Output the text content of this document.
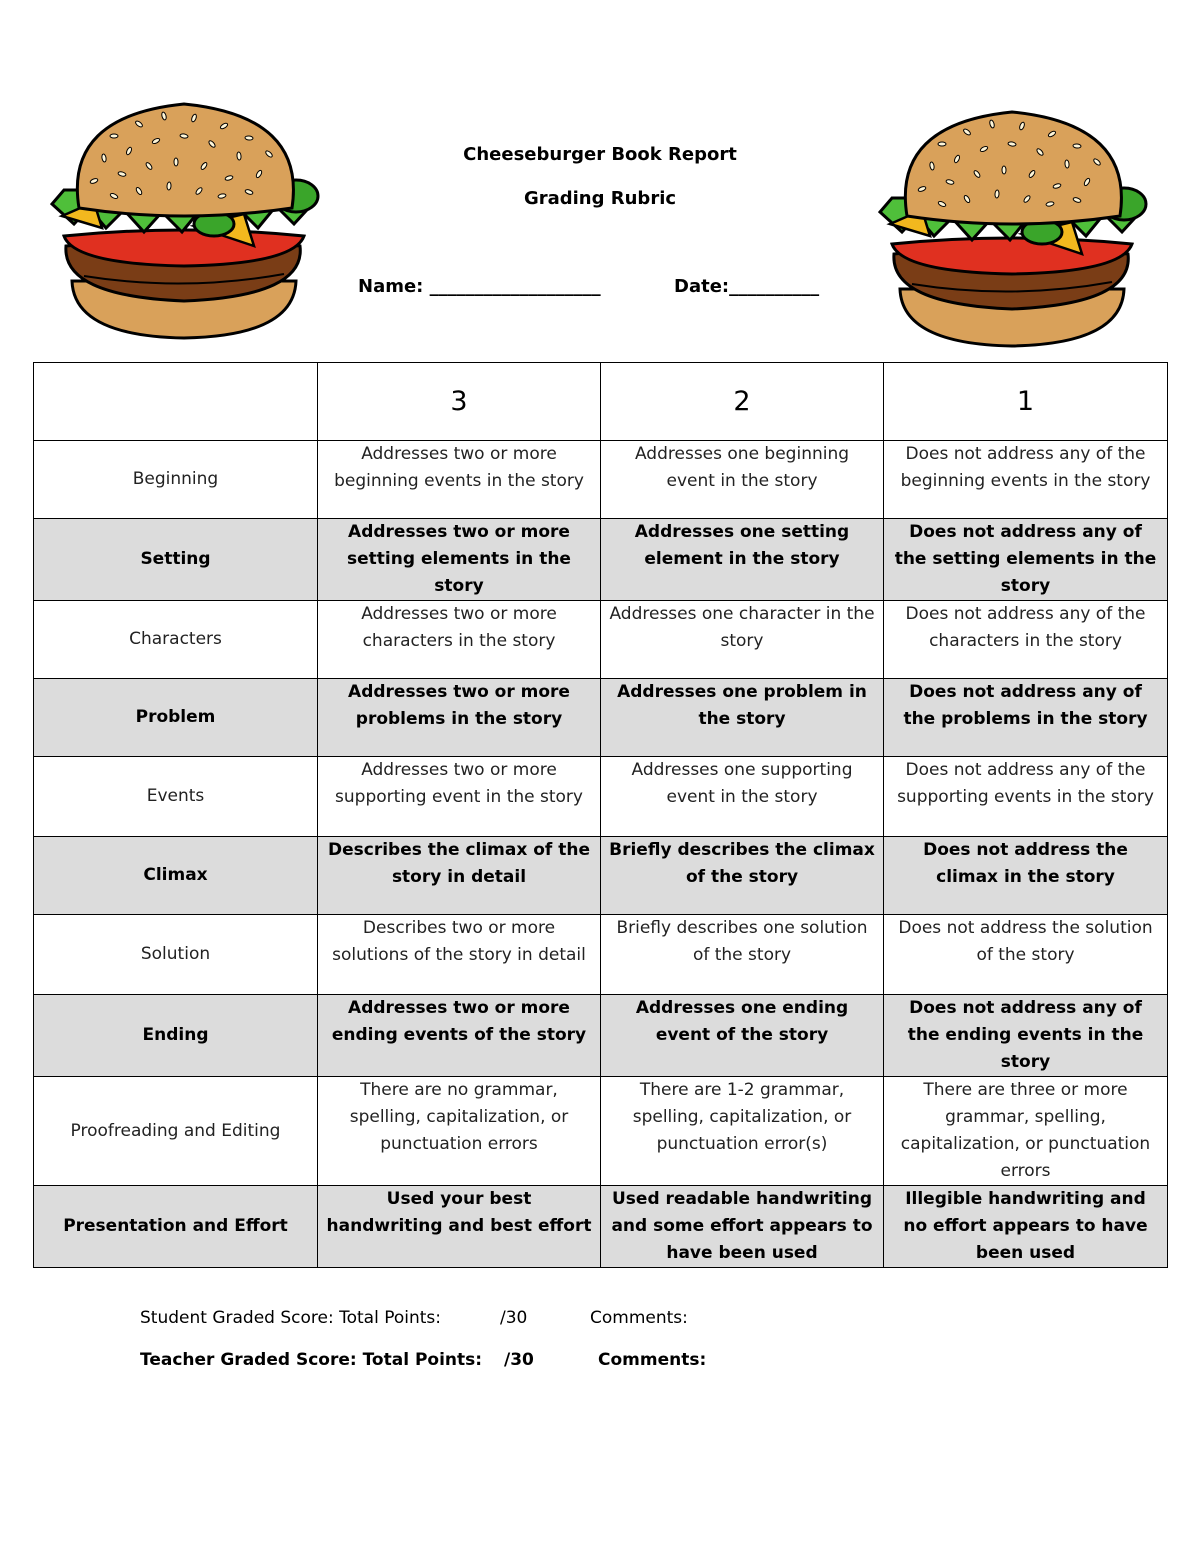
Cheeseburger Book Report
Grading Rubric
Name: ___________________	Date:__________
	3	2	1
Beginning	Addresses two or more beginning events in the story	Addresses one beginning event in the story	Does not address any of the beginning events in the story
Setting	Addresses two or more setting elements in the story	Addresses one setting element in the story	Does not address any of the setting elements in the story
Characters	Addresses two or more characters in the story	Addresses one character in the story	Does not address any of the characters in the story
Problem	Addresses two or more problems in the story	Addresses one problem in the story	Does not address any of the problems in the story
Events	Addresses two or more supporting event in the story	Addresses one supporting event in the story	Does not address any of the supporting events in the story
Climax	Describes the climax of the story in detail	Briefly describes the climax of the story	Does not address the climax in the story
Solution	Describes two or more solutions of the story in detail	Briefly describes one solution of the story	Does not address the solution of the story
Ending	Addresses two or more ending events of the story	Addresses one ending event of the story	Does not address any of the ending events in the story
Proofreading and Editing	There are no grammar, spelling, capitalization, or punctuation errors	There are 1-2 grammar, spelling, capitalization, or punctuation error(s)	There are three or more grammar, spelling, capitalization, or punctuation errors
Presentation and Effort	Used your best handwriting and best effort	Used readable handwriting and some effort appears to have been used	Illegible handwriting and no effort appears to have been used
Student Graded Score: Total Points:	/30	Comments:
Teacher Graded Score: Total Points: /30	Comments:
